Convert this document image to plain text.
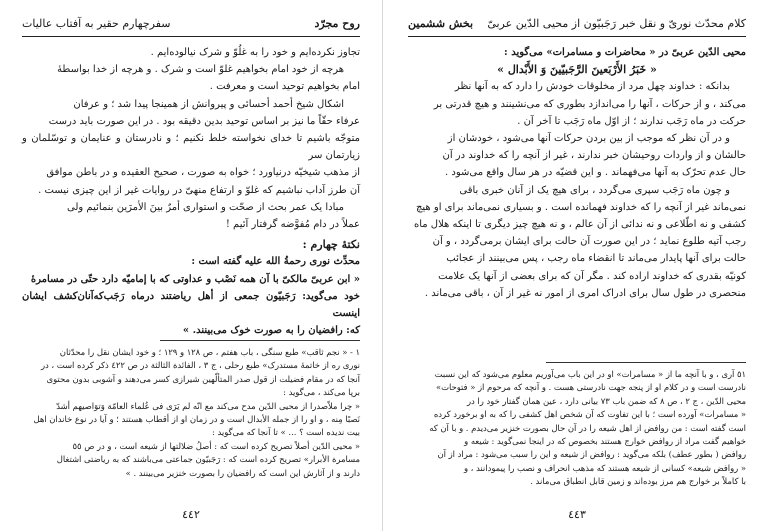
روح مجرّد
سفرچهارم حقير به آفتاب عاليات

تجاوز نكرده‌ايم و خود را به غلُوّ و شرک نيالوده‌ايم .

هرچه از خود امام بخواهيم غلوّ است و شرک . و هرچه از خدا بواسطهٔ

امام بخواهيم توحيد است و معرفت .

اشكال شيخ أحمد أحسائى و پيروانش از همينجا پيدا شد ؛ و عرفان

عرفاء حقّاً ما نيز بر اساس توحيد بدين دقيقه بود . در اين صورت بايد درست

متوجّه باشيم تا خداى نخواسته خلط نكنيم ؛ و نادرستان و عنايمان و توسّلمان و زيارتمان سر

از مذهب شيخيّه درنياورد ؛ خواه به صورت ، صحيح العقيده و در باطن موافق

آن طرز آداب نباشيم كه غلوّ و ارتفاع منهىّ در روايات غير از اين چيزى نيست .

مبادا يک عمر بحث از صحّت و استوارى أمرٌ بينَ الأمرَين بنمائيم ولى

عملاً در دام مُفوَّضه گرفتار آئيم !

نكتهٔ چهارم :

محدِّث نورى رحمةُ الله عليه گفته است :

« ابن عربىّ مالكىّ با آن همه نَصْب و عداوتى كه با إماميّه دارد حتّى در مسامرهٔ

خود مى‌گويد: رَجَبيّون جمعى از أهل رياضتند درماه رَجَب‌كه‌آنان‌كشف ايشان اينست

كه: رافضيان را به صورت خوک مى‌بينند. »

١ - « نجم ثاقب» طبع سنگى ، باب هفتم ، ص ١٢٨ و ١٢٩ ؛ و خود ايشان نقل را محدّثان

نورى ره از خاتمهٔ مستدرک» طبع رحلى ، ج ٣ ، الفائدة الثالثة در ص ٤٢٢ ذكر كرده است ، در

آنجا كه در مقام فضيلت از قول صدر المتألّهين شيرازى كسر مى‌دهند و آشوبى بدون محتوى

برپا مى‌كند ، مى‌گويد :

« چرا ملاّصدرا از محيى الدّين مدح مى‌كند مع انّه لم يَرَى فى عُلماء العامّة وَتوَاصيهم أشدّ

نَصبًا مِنه ، و او را از جمله الأبدال است و در زمان او از أقطاب هستند ؛ و آيا در نوع خاندان اهل

بيت نديده است ؟ ... » تا آنجا كه مى‌گويد :

« محيى الدّين أصلاً تصريح كرده است كه : أصلُ ضلالتها از شيعه است ، و در ص ٥٥

مسامرة الأبرار» تصريح كرده است كه : رَجَبيّون جماعتى مى‌باشند كه به رياضتى اشتغال

دارند و از آثارش اين است كه رافضيان را بصورت خنزير مى‌بينند . »

٤٤٢
كلام محدّث نورىّ و نقل خبر رَجَبيّون از محيى الدّين عربىّ
بخش ششمين

محيى الدّين عربىّ در « محاضرات و مسامرات» مى‌گويد :

« خَبَرُ الأَرْبَعينَ الرَّجَبيّينَ وَ الأَبْدال »

بدانكه : خداوند چهل مرد از مخلوقات خودش را دارد كه به آنها نظر

مى‌كند ، و از حركات ، آنها را مى‌اندازد بطورى كه مى‌نشينند و هيچ قدرتى بر

حركت در ماه رَجَب ندارند ؛ از اوّل ماه رَجَب تا آخر آن .

و در آن نظر كه موجب از بين بردن حركات آنها مى‌شود ، خودشان از

حالشان و از واردات روحيشان خبر ندارند ، غير از آنچه را كه خداوند در آن

حال عدم تحرّک به آنها مى‌فهماند . و اين قضيّه در هر سال واقع مى‌شود .

و چون ماه رَجَب سپرى مى‌گردد ، براى هيچ يک از آنان خبرى باقى

نمى‌ماند غير از آنچه را كه خداوند فهمانده است . و بسيارى نمى‌ماند براى او هيچ

كشفى و نه اطّلاعى و نه ندائى از آن عالم ، و نه هيچ چيز ديگرى تا اينكه هلال ماه

رجب آتيه طلوع نمايد ؛ در اين صورت آن حالت براى ايشان برمى‌گردد ، و آن

حالت براى آنها پايدار مى‌ماند تا انقضاء ماه رجب ، پس مى‌بينند از عجائب

كونيّه بقدرى كه خداوند اراده كند . مگر آن كه براى بعضى از آنها يک علامت

منحصرى در طول سال براى ادراک امرى از امور نه غير از آن ، باقى مى‌ماند .

٥١ آرى ، و با آنچه ما از « مسامرات» او در اين باب مى‌آوريم معلوم مى‌شود كه اين نسبت

نادرست است و در كلام او از پنجه جهت نادرستى هست . و آنچه كه مرحوم از « فتوحات»

محيى الدّين ، ج ٢ ، ص ٨ كه ضمن باب ٧٣ بيانى دارد ، عين همان گفتار خود را در

« مسامرات» آورده است ؛ با اين تفاوت كه آن شخص اهل كشفى را كه به او برخورد كرده

است گفته است : من روافض از اهل شيعه را در آن حال بصورت خنزير مى‌ديدم . و با آن كه

خواهيم گفت مراد از روافض خوارج هستند بخصوص كه در اينجا نمى‌گويد : شيعه و

روافض ( بطور عطف) بلكه مى‌گويد : روافض از شيعه و اين را سبب مى‌شود : مراد از آن

« روافض شيعه» كسانى از شيعه هستند كه مذهب انحراف و نصب را پيمودانند ، و

با كاملاً بر خوارج هم مرز بوده‌اند و زمين قابل انطباق مى‌ماند .

٤٤٣
